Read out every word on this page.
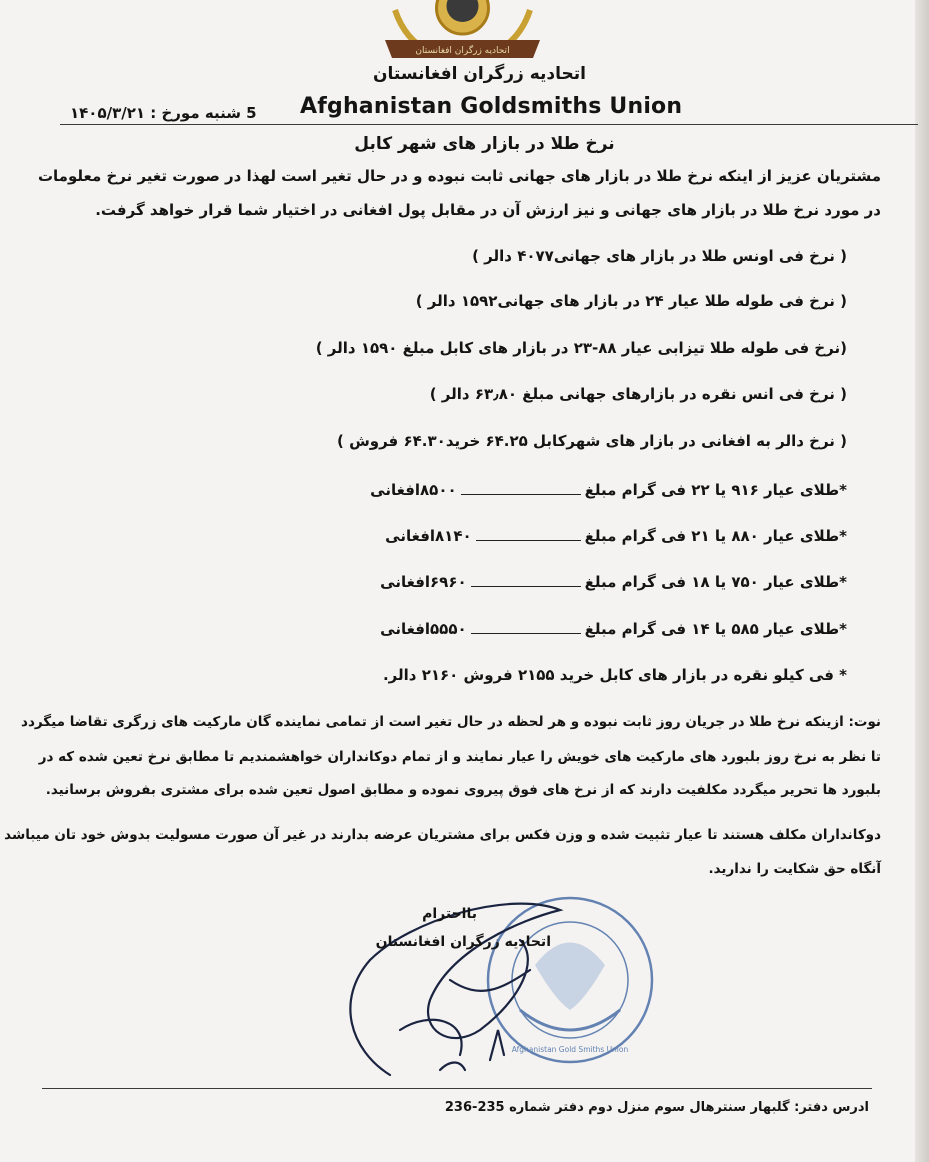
اتحادیه زرگران افغانستان
اتحادیه زرگران افغانستان
5 شنبه مورخ : ۱۴۰۵/۳/۲۱ Afghanistan Goldsmiths Union
نرخ طلا در بازار های شهر کابل
مشتریان عزیز از اینکه نرخ طلا در بازار های جهانی ثابت نبوده و در حال تغیر است لهذا در صورت تغیر نرخ معلومات
در مورد نرخ طلا در بازار های جهانی و نیز ارزش آن در مقابل پول افغانی در اختیار شما قرار خواهد گرفت.
( نرخ فی اونس طلا در بازار های جهانی۴۰۷۷ دالر )
( نرخ فی طوله طلا عیار ۲۴ در بازار های جهانی۱۵۹۲ دالر )
(نرخ فی طوله طلا تیزابی عیار ۸۸-۲۳ در بازار های کابل مبلغ ۱۵۹۰ دالر )
( نرخ فی انس نقره در بازارهای جهانی مبلغ ۶۳٫۸۰ دالر )
( نرخ دالر به افغانی در بازار های شهرکابل ۶۴.۲۵ خرید۶۴.۳۰ فروش )
*طلای عیار ۹۱۶ یا ۲۲ فی گرام مبلغ۸۵۰۰افغانی
*طلای عیار ۸۸۰ یا ۲۱ فی گرام مبلغ۸۱۴۰افغانی
*طلای عیار ۷۵۰ یا ۱۸ فی گرام مبلغ۶۹۶۰افغانی
*طلای عیار ۵۸۵ یا ۱۴ فی گرام مبلغ۵۵۵۰افغانی
* فی کیلو نقره در بازار های کابل خرید ۲۱۵۵ فروش ۲۱۶۰ دالر.
نوت: ازینکه نرخ طلا در جریان روز ثابت نبوده و هر لحظه در حال تغیر است از تمامی نماینده گان مارکیت های زرگری تقاضا میگردد
تا نظر به نرخ روز بلبورد های مارکیت های خویش را عیار نمایند و از تمام دوکانداران خواهشمندیم تا مطابق نرخ تعین شده که در
بلبورد ها تحریر میگردد مکلفیت دارند که از نرخ های فوق پیروی نموده و مطابق اصول تعین شده برای مشتری بفروش برسانید.
دوکانداران مکلف هستند تا عیار تثبیت شده و وزن فکس برای مشتریان عرضه بدارند در غیر آن صورت مسولیت بدوش خود تان میباشد
آنگاه حق شکایت را ندارید.
Afghanistan Gold Smiths Union
بااحترام
اتحادیه زرگران افغانستان
ادرس دفتر: گلبهار سنترهال سوم منزل دوم دفتر شماره 235-236
